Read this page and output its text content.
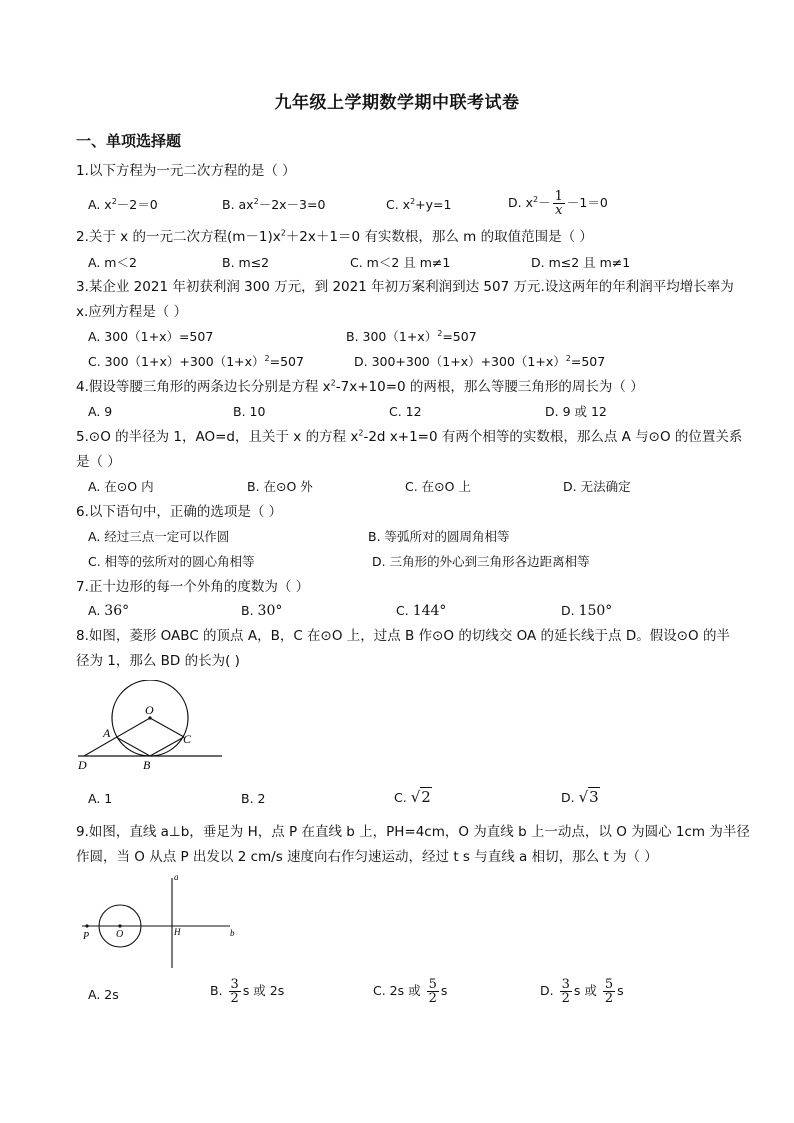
九年级上学期数学期中联考试卷
一、单项选择题
1.以下方程为一元二次方程的是（ ）
A. $x^2-2=0$	B. $ax^2-2x-3=0$	C. $x^2+y=1$	D. $x^2- \frac{1}{x} -1=0$
2.关于 x 的一元二次方程$(m-1)x^2+2x+1=0$ 有实数根，那么 m 的取值范围是（ ）
A. m＜2	B. m≤2	C. m＜2 且 m≠1	D. m≤2 且 m≠1
3.某企业 2021 年初获利润 300 万元，到 2021 年初万案利润到达 507 万元.设这两年的年利润平均增长率为
x.应列方程是（ ）
A. 300（1+x）=507	B. $300(1+x)^2=507$
C. $300(1+x)+300(1+x)^2=507$	D. $300+300(1+x)+300(1+x)^2=507$
4.假设等腰三角形的两条边长分别是方程 $x^2-7x+10=0$ 的两根，那么等腰三角形的周长为（ ）
A. 9	B. 10	C. 12	D. 9 或 12
5.⊙O 的半径为 1，AO=d，且关于 x 的方程 $x^2-2d$ x+1=0 有两个相等的实数根，那么点 A 与⊙O 的位置关系
是（ ）
A. 在⊙O 内	B. 在⊙O 外	C. 在⊙O 上	D. 无法确定
6.以下语句中，正确的选项是（ ）
A. 经过三点一定可以作圆	B. 等弧所对的圆周角相等
C. 相等的弦所对的圆心角相等	D. 三角形的外心到三角形各边距离相等
7.正十边形的每一个外角的度数为（ ）
A. 36°	B. 30°	C. 144°	D. 150°
8.如图，菱形 OABC 的顶点 A，B，C 在⊙O 上，过点 B 作⊙O 的切线交 OA 的延长线于点 D。假设⊙O 的半
径为 1，那么 BD 的长为( )
O
A	C
D	B
A. 1	B. 2	C. √2	D. √3
9.如图，直线 a⊥b，垂足为 H，点 P 在直线 b 上，PH=4cm，O 为直线 b 上一动点，以 O 为圆心 1cm 为半径
作圆，当 O 从点 P 出发以 2 cm/s 速度向右作匀速运动，经过 t s 与直线 a 相切，那么 t 为（ ）
a
b
P	O	H
A. 2s	B. $\frac{3}{2}$ s 或 2s	C. 2s 或 $\frac{5}{2}$ s	D. $\frac{3}{2}$ s 或 $\frac{5}{2}$ s
